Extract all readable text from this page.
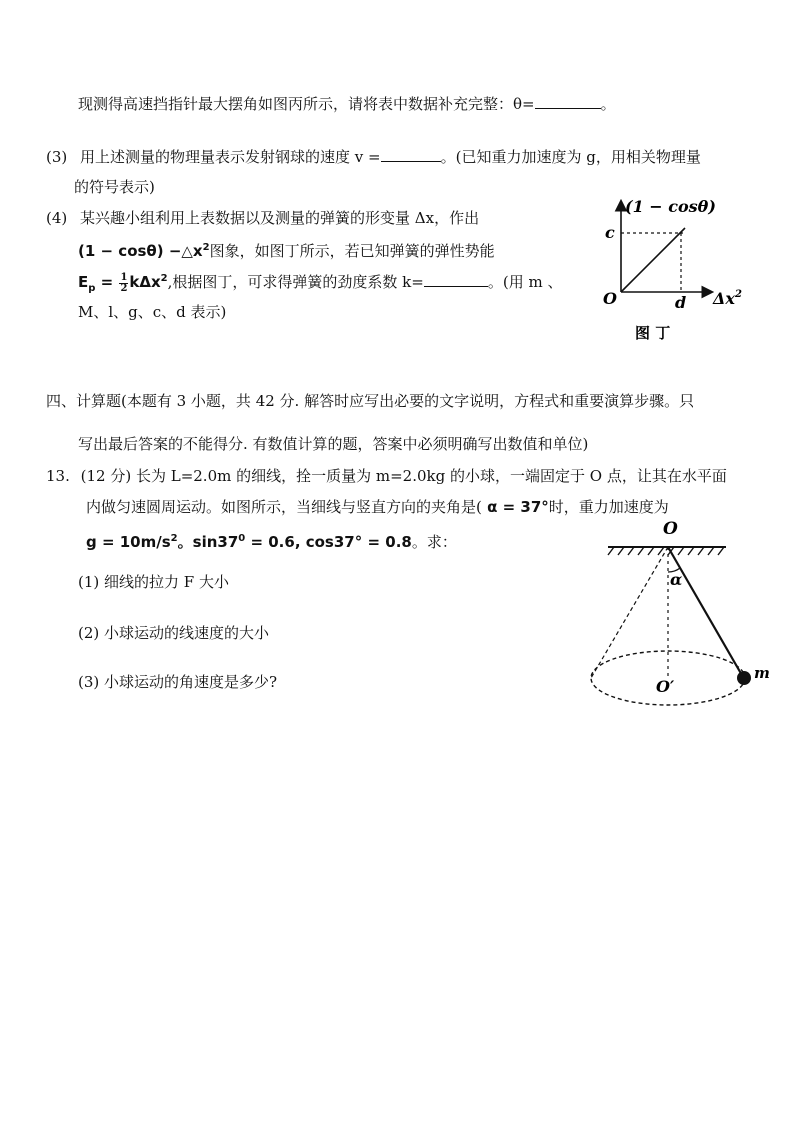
现测得高速挡指针最大摆角如图丙所示，请将表中数据补充完整：θ=	。
(3) 用上述测量的物理量表示发射钢球的速度 v =	。(已知重力加速度为 g，用相关物理量
的符号表示)
(4) 某兴趣小组利用上表数据以及测量的弹簧的形变量 Δx，作出
$(1 - \cos\theta) -\triangle x^2$图象，如图丁所示，若已知弹簧的弹性势能
$E_p = \frac{1}{2} k\Delta x^2$,根据图丁，可求得弹簧的劲度系数 k=	。(用 m 、
M、l、g、c、d 表示)
(1 − cosθ)
c
O	d $\Delta x^2$
图 丁
四、计算题(本题有 3 小题，共 42 分. 解答时应写出必要的文字说明，方程式和重要演算步骤。只
写出最后答案的不能得分. 有数值计算的题，答案中必须明确写出数值和单位)
13. (12 分) 长为 L=2.0m 的细线，拴一质量为 m=2.0kg 的小球，一端固定于 O 点，让其在水平面
内做匀速圆周运动。如图所示，当细线与竖直方向的夹角是( α = 37°时，重力加速度为
$g = 10m/s^2$。$\sin 37^0 = 0.6$, cos37° = 0.8。求：
(1) 细线的拉力 F 大小
(2) 小球运动的线速度的大小
(3) 小球运动的角速度是多少?
O
α
m
O′
